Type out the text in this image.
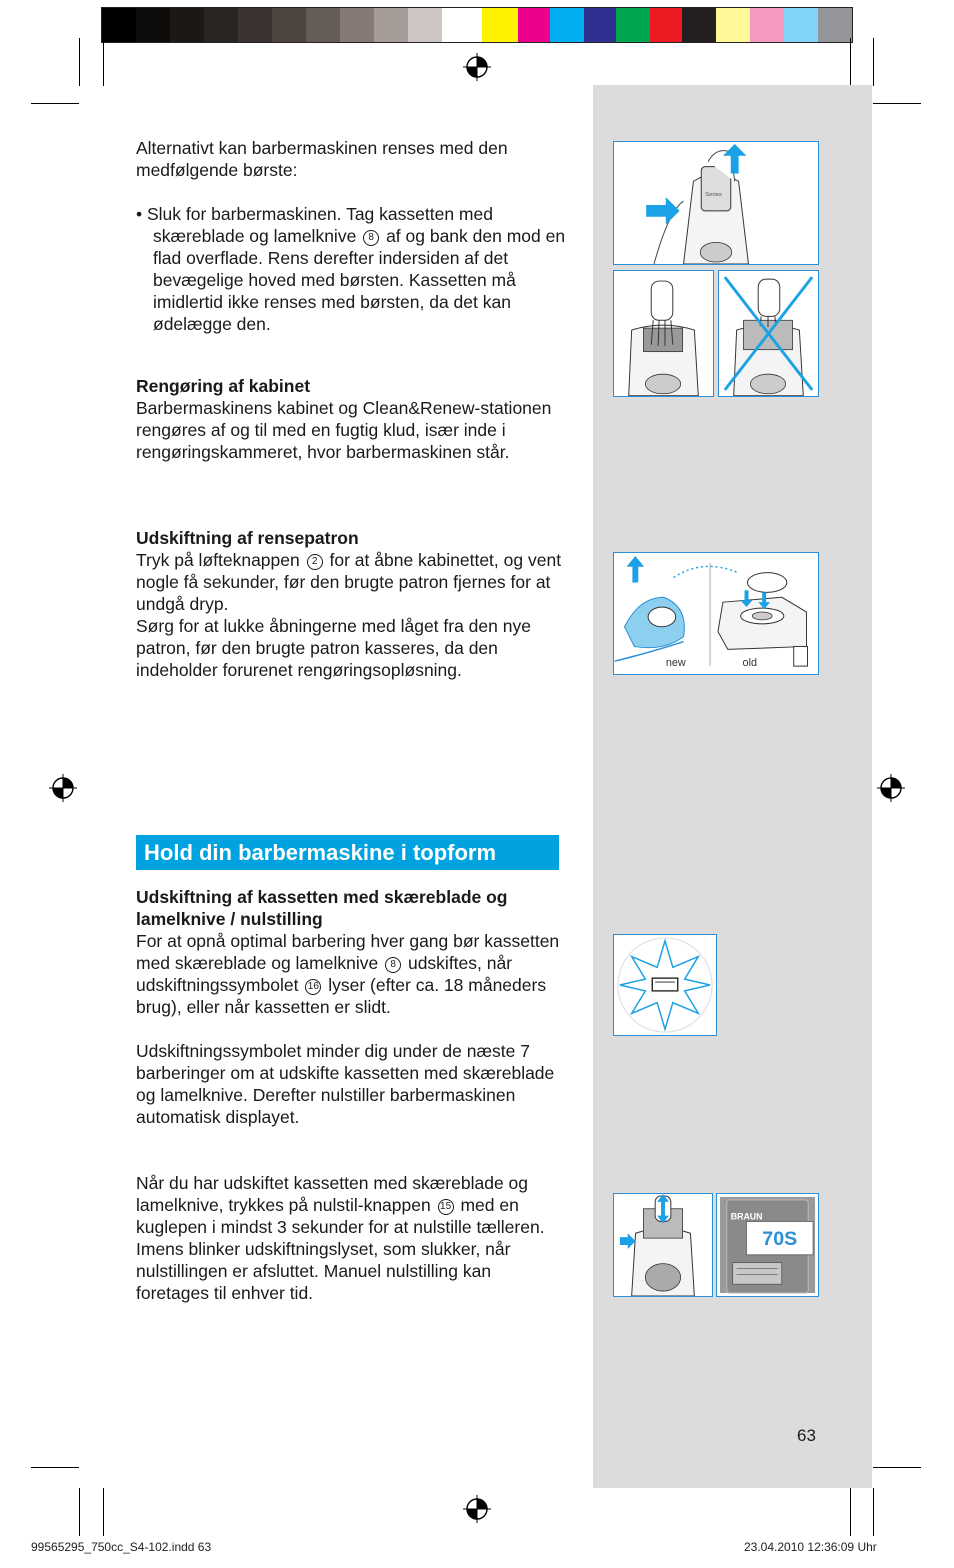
Alternativt kan barbermaskinen renses med den medfølgende børste:

• Sluk for barbermaskinen. Tag kassetten med skæreblade og lamelknive 8 af og bank den mod en flad overflade. Rens derefter indersiden af det bevægelige hoved med børsten. Kassetten må imidlertid ikke renses med børsten, da det kan ødelægge den.

Rengøring af kabinet

Barbermaskinens kabinet og Clean&Renew-stationen rengøres af og til med en fugtig klud, især inde i rengøringskammeret, hvor barbermaskinen står.

Udskiftning af rensepatron

Tryk på løfteknappen 2 for at åbne kabinettet, og vent nogle få sekunder, før den brugte patron fjernes for at undgå dryp.

Sørg for at lukke åbningerne med låget fra den nye patron, før den brugte patron kasseres, da den indeholder forurenet rengøringsopløsning.

Hold din barbermaskine i topform

Udskiftning af kassetten med skæreblade og lamelknive / nulstilling

For at opnå optimal barbering hver gang bør kassetten med skæreblade og lamelknive 8 udskiftes, når udskiftningssymbolet 16 lyser (efter ca. 18 måneders brug), eller når kassetten er slidt.

Udskiftningssymbolet minder dig under de næste 7 barberinger om at udskifte kassetten med skæreblade og lamelknive. Derefter nulstiller barbermaskinen automatisk displayet.

Når du har udskiftet kassetten med skæreblade og lamelknive, trykkes på nulstil-knappen 15 med en kuglepen i mindst 3 sekunder for at nulstille tælleren.

Imens blinker udskiftningslyset, som slukker, når nulstillingen er afsluttet. Manuel nulstilling kan foretages til enhver tid.

Series
new	old
BRAUN
70S
63
99565295_750cc_S4-102.indd 63	23.04.2010 12:36:09 Uhr
